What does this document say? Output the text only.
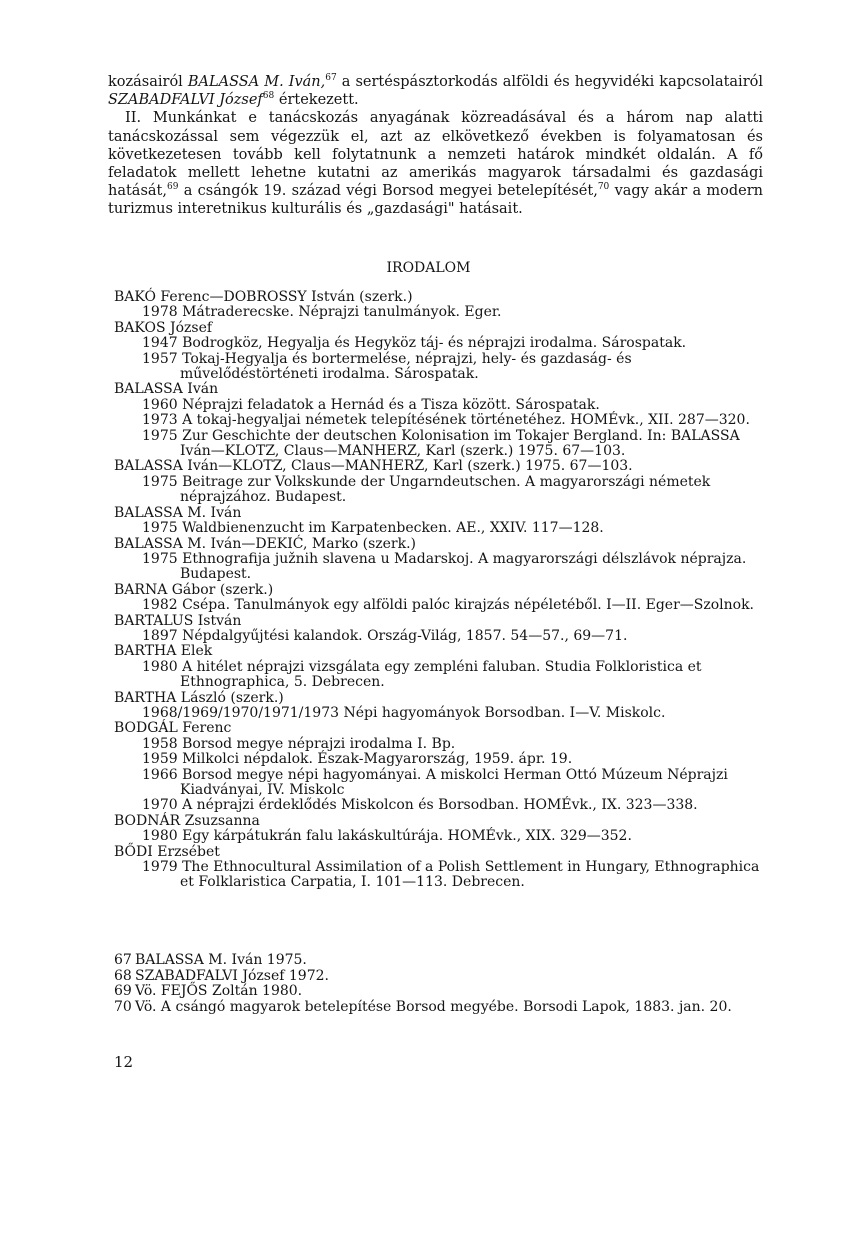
kozásairól BALASSA M. Iván,$^{67}$ a sertéspásztorkodás alföldi és hegyvidéki kapcsolatairól SZABADFALVI József$^{68}$ értekezett.

II. Munkánkat e tanácskozás anyagának közreadásával és a három nap alatti tanácskozással sem végezzük el, azt az elkövetkező években is folyamatosan és következetesen tovább kell folytatnunk a nemzeti határok mindkét oldalán. A fő feladatok mellett lehetne kutatni az amerikás magyarok társadalmi és gazdasági hatását,$^{69}$ a csángók 19. század végi Borsod megyei betelepítését,$^{70}$ vagy akár a modern turizmus interetnikus kulturális és „gazdasági" hatásait.

IRODALOM

BAKÓ Ferenc—DOBROSSY István (szerk.)

1978 Mátraderecske. Néprajzi tanulmányok. Eger.

BAKOS József

1947 Bodrogköz, Hegyalja és Hegyköz táj- és néprajzi irodalma. Sárospatak.

1957 Tokaj-Hegyalja és bortermelése, néprajzi, hely- és gazdaság- és művelődéstörténeti irodalma. Sárospatak.

BALASSA Iván

1960 Néprajzi feladatok a Hernád és a Tisza között. Sárospatak.

1973 A tokaj-hegyaljai németek telepítésének történetéhez. HOMÉvk., XII. 287—320.

1975 Zur Geschichte der deutschen Kolonisation im Tokajer Bergland. In: BALASSA Iván—KLOTZ, Claus—MANHERZ, Karl (szerk.) 1975. 67—103.

BALASSA Iván—KLOTZ, Claus—MANHERZ, Karl (szerk.) 1975. 67—103.

1975 Beitrage zur Volkskunde der Ungarndeutschen. A magyarországi németek néprajzához. Budapest.

BALASSA M. Iván

1975 Waldbienenzucht im Karpatenbecken. AE., XXIV. 117—128.

BALASSA M. Iván—DEKIĆ, Marko (szerk.)

1975 Ethnografija južnih slavena u Madarskoj. A magyarországi délszlávok néprajza. Budapest.

BARNA Gábor (szerk.)

1982 Csépa. Tanulmányok egy alföldi palóc kirajzás népéletéből. I—II. Eger—Szolnok.

BARTALUS István

1897 Népdalgyűjtési kalandok. Ország-Világ, 1857. 54—57., 69—71.

BARTHA Elek

1980 A hitélet néprajzi vizsgálata egy zempléni faluban. Studia Folkloristica et Ethnographica, 5. Debrecen.

BARTHA László (szerk.)

1968/1969/1970/1971/1973 Népi hagyományok Borsodban. I—V. Miskolc.

BODGÁL Ferenc

1958 Borsod megye néprajzi irodalma I. Bp.

1959 Milkolci népdalok. Észak-Magyarország, 1959. ápr. 19.

1966 Borsod megye népi hagyományai. A miskolci Herman Ottó Múzeum Néprajzi Kiadványai, IV. Miskolc

1970 A néprajzi érdeklődés Miskolcon és Borsodban. HOMÉvk., IX. 323—338.

BODNÁR Zsuzsanna

1980 Egy kárpátukrán falu lakáskultúrája. HOMÉvk., XIX. 329—352.

BŐDI Erzsébet

1979 The Ethnocultural Assimilation of a Polish Settlement in Hungary, Ethnographica et Folklaristica Carpatia, I. 101—113. Debrecen.

67 BALASSA M. Iván 1975.

68 SZABADFALVI József 1972.

69 Vö. FEJŐS Zoltán 1980.

70 Vö. A csángó magyarok betelepítése Borsod megyébe. Borsodi Lapok, 1883. jan. 20.

12
